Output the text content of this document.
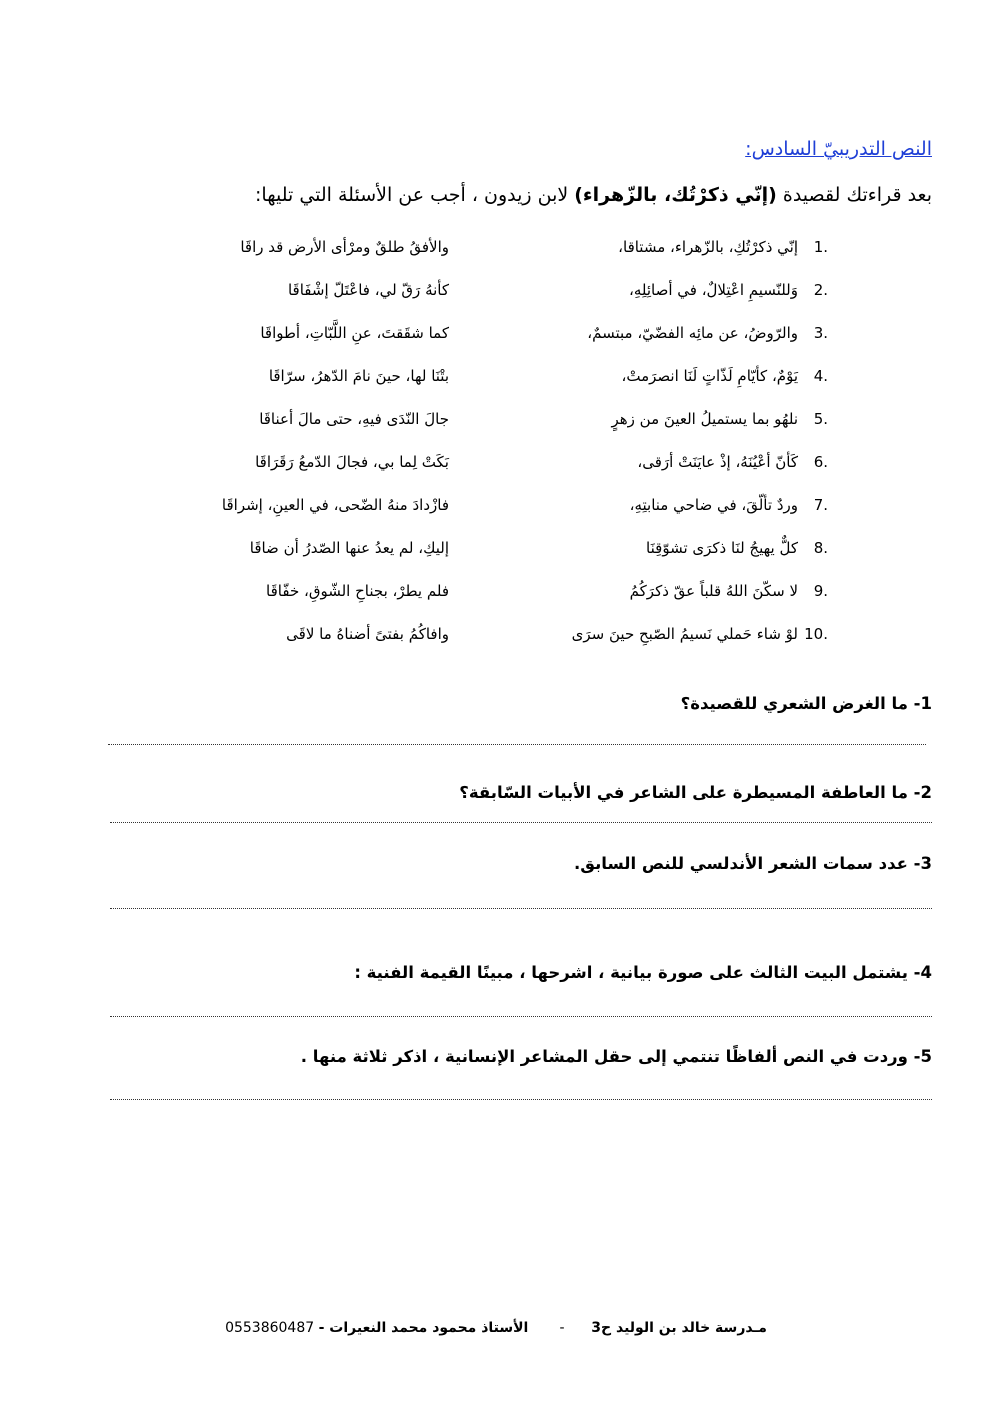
النص التدريبيّ السادس:
بعد قراءتك لقصيدة (إنّي ذكرْتُك، بالزّهراء) لابن زيدون ، أجب عن الأسئلة التي تليها:
1.
إنّي ذكرْتُكِ، بالزّهراء، مشتاقا،
والأفقُ طلقٌ ومرْأى الأرض قد راقَا
2.
وَللنّسيمِ اعْتِلالٌ، في أصائِلِهِ،
كأنهُ رَقّ لي، فاعْتَلّ إشْفَاقَا
3.
والرّوضُ، عن مائِه الفضّيّ، مبتسمٌ،
كما شقَقتَ، عنِ اللَّبّاتِ، أطواقَا
4.
يَوْمٌ، كأيّامِ لَذّاتٍ لَنَا انصرَمتْ،
بتْنَا لها، حينَ نامَ الدّهرُ، سرّاقَا
5.
نلهُو بما يستميلُ العينَ من زهرٍ
جالَ النّدَى فيهِ، حتى مالَ أعناقَا
6.
كَأنّ أعْيُنَهُ، إذْ عايَنَتْ أرَقى،
بَكَتْ لِما بي، فجالَ الدّمعُ رَقَرَاقَا
7.
وردٌ تألّقَ، في ضاحي منابتِهِ،
فازْدادَ منهُ الضّحى، في العينِ، إشراقَا
8.
كلٌّ يهيجُ لنَا ذكرَى تشوّقِنَا
إليكِ، لم يعدُ عنها الصّدرُ أن ضاقَا
9.
لا سكّنَ اللهُ قلباً عقّ ذكرَكُمُ
فلم يطرْ، بجناحِ الشّوقِ، خفّاقَا
10.
لوْ شاء حَملي نَسيمُ الصّبحِ حينَ سرَى
وافاكُمُ بفتىً أضناهُ ما لاقَى
1- ما الغرض الشعري للقصيدة؟
2- ما العاطفة المسيطرة على الشاعر في الأبيات السّابقة؟
3- عدد سمات الشعر الأندلسي للنص السابق.
4- يشتمل البيت الثالث على صورة بيانية ، اشرحها ، مبينًا القيمة الفنية :
5- وردت في النص ألفاظًا تنتمي إلى حقل المشاعر الإنسانية ، اذكر ثلاثة منها .
مـدرسة خالد بن الوليد ح3      -       الأستاذ محمود محمد النعيرات - 0553860487
